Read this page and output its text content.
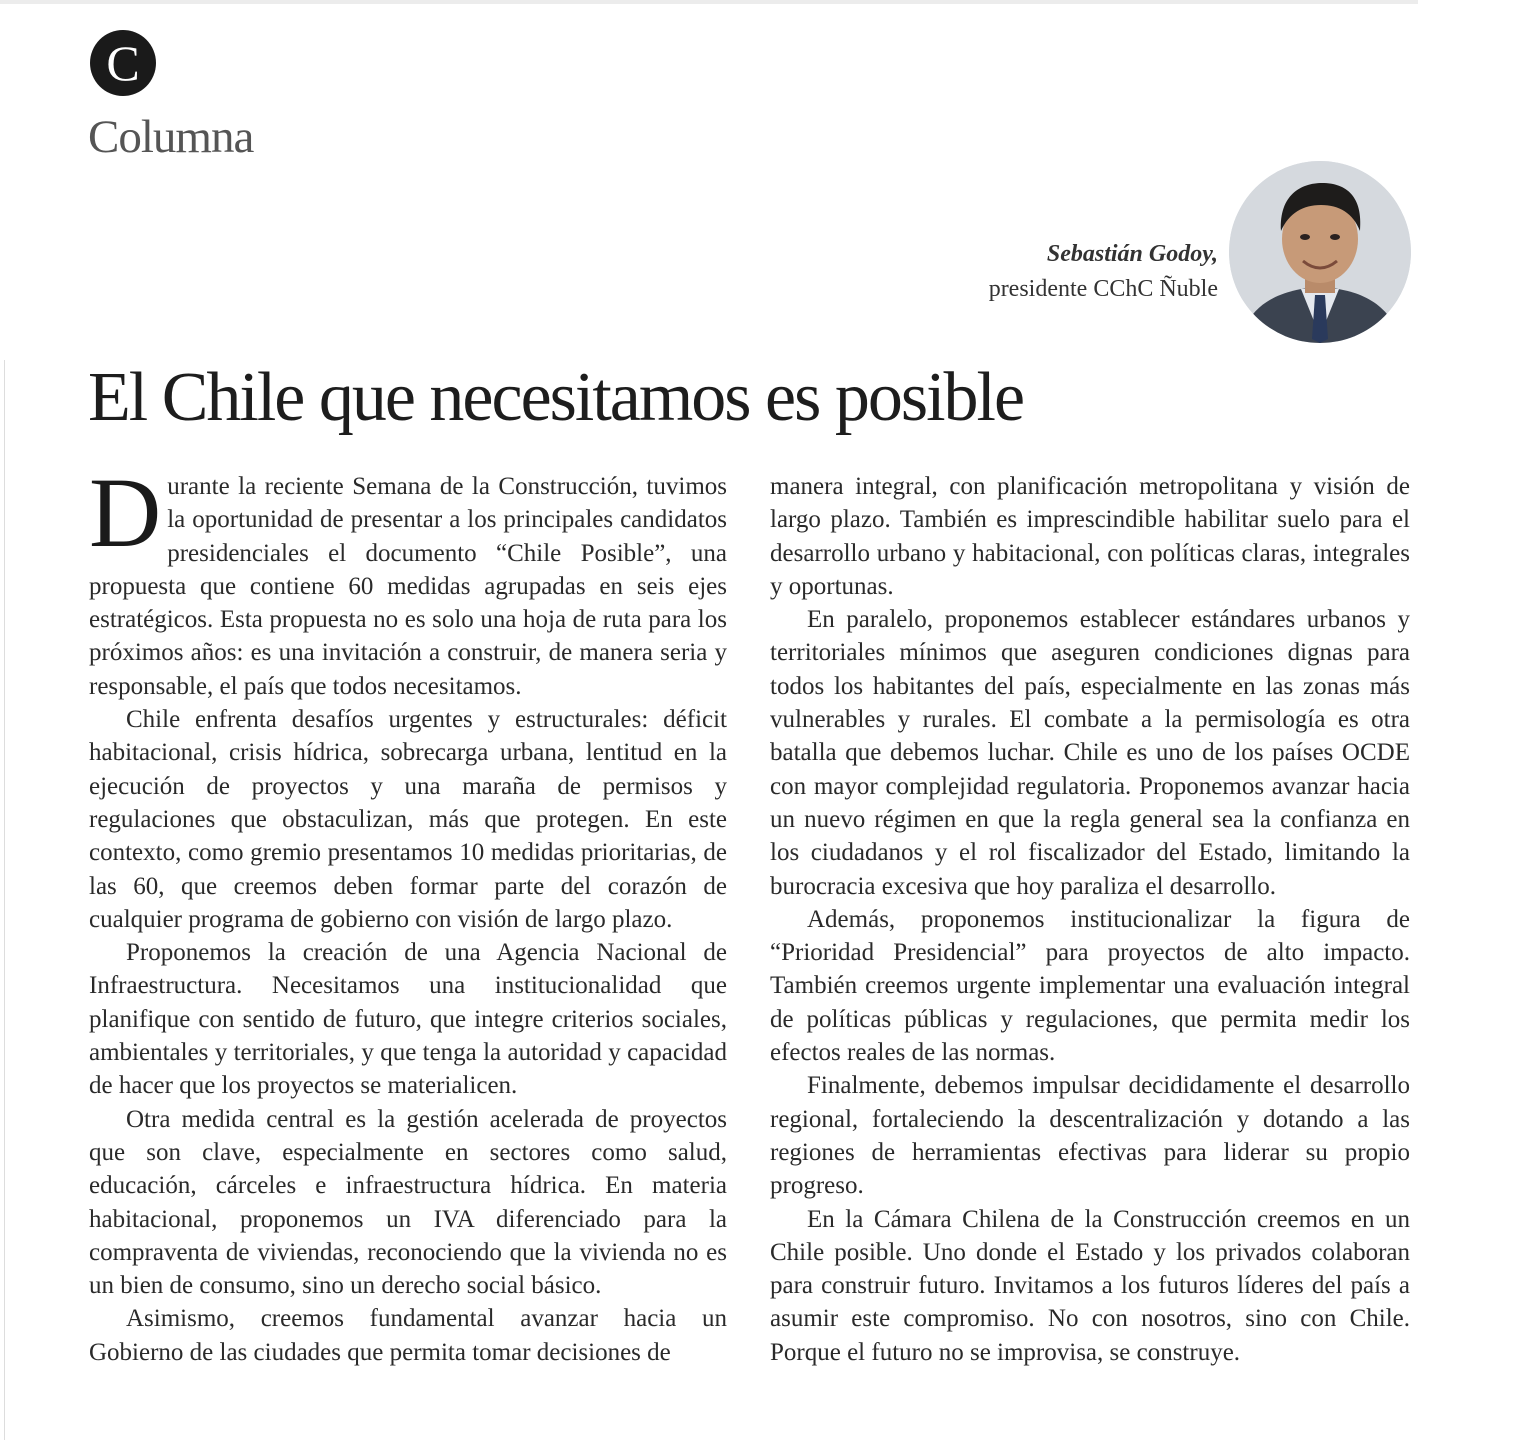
C
Columna
Sebastián Godoy,
presidente CChC Ñuble
El Chile que necesitamos es posible

Durante la reciente Semana de la Construcción, tuvimos la oportunidad de presentar a los principales candidatos presidenciales el documento “Chile Posible”, una propuesta que contiene 60 medidas agrupadas en seis ejes estratégicos. Esta propuesta no es solo una hoja de ruta para los próximos años: es una invitación a construir, de manera seria y responsable, el país que todos necesitamos.

Chile enfrenta desafíos urgentes y estructurales: déficit habitacional, crisis hídrica, sobrecarga urbana, lentitud en la ejecución de proyectos y una maraña de permisos y regulaciones que obstaculizan, más que protegen. En este contexto, como gremio presentamos 10 medidas prioritarias, de las 60, que creemos deben formar parte del corazón de cualquier programa de gobierno con visión de largo plazo.

Proponemos la creación de una Agencia Nacional de Infraestructura. Necesitamos una institucionalidad que planifique con sentido de futuro, que integre criterios sociales, ambientales y territoriales, y que tenga la autoridad y capacidad de hacer que los proyectos se materialicen.

Otra medida central es la gestión acelerada de proyectos que son clave, especialmente en sectores como salud, educación, cárceles e infraestructura hídrica. En materia habitacional, proponemos un IVA diferenciado para la compraventa de viviendas, reconociendo que la vivienda no es un bien de consumo, sino un derecho social básico.

Asimismo, creemos fundamental avanzar hacia un Gobierno de las ciudades que permita tomar decisiones de

manera integral, con planificación metropolitana y visión de largo plazo. También es imprescindible habilitar suelo para el desarrollo urbano y habitacional, con políticas claras, integrales y oportunas.

En paralelo, proponemos establecer estándares urbanos y territoriales mínimos que aseguren condiciones dignas para todos los habitantes del país, especialmente en las zonas más vulnerables y rurales. El combate a la permisología es otra batalla que debemos luchar. Chile es uno de los países OCDE con mayor complejidad regulatoria. Proponemos avanzar hacia un nuevo régimen en que la regla general sea la confianza en los ciudadanos y el rol fiscalizador del Estado, limitando la burocracia excesiva que hoy paraliza el desarrollo.

Además, proponemos institucionalizar la figura de “Prioridad Presidencial” para proyectos de alto impacto. También creemos urgente implementar una evaluación integral de políticas públicas y regulaciones, que permita medir los efectos reales de las normas.

Finalmente, debemos impulsar decididamente el desarrollo regional, fortaleciendo la descentralización y dotando a las regiones de herramientas efectivas para liderar su propio progreso.

En la Cámara Chilena de la Construcción creemos en un Chile posible. Uno donde el Estado y los privados colaboran para construir futuro. Invitamos a los futuros líderes del país a asumir este compromiso. No con nosotros, sino con Chile. Porque el futuro no se improvisa, se construye.
